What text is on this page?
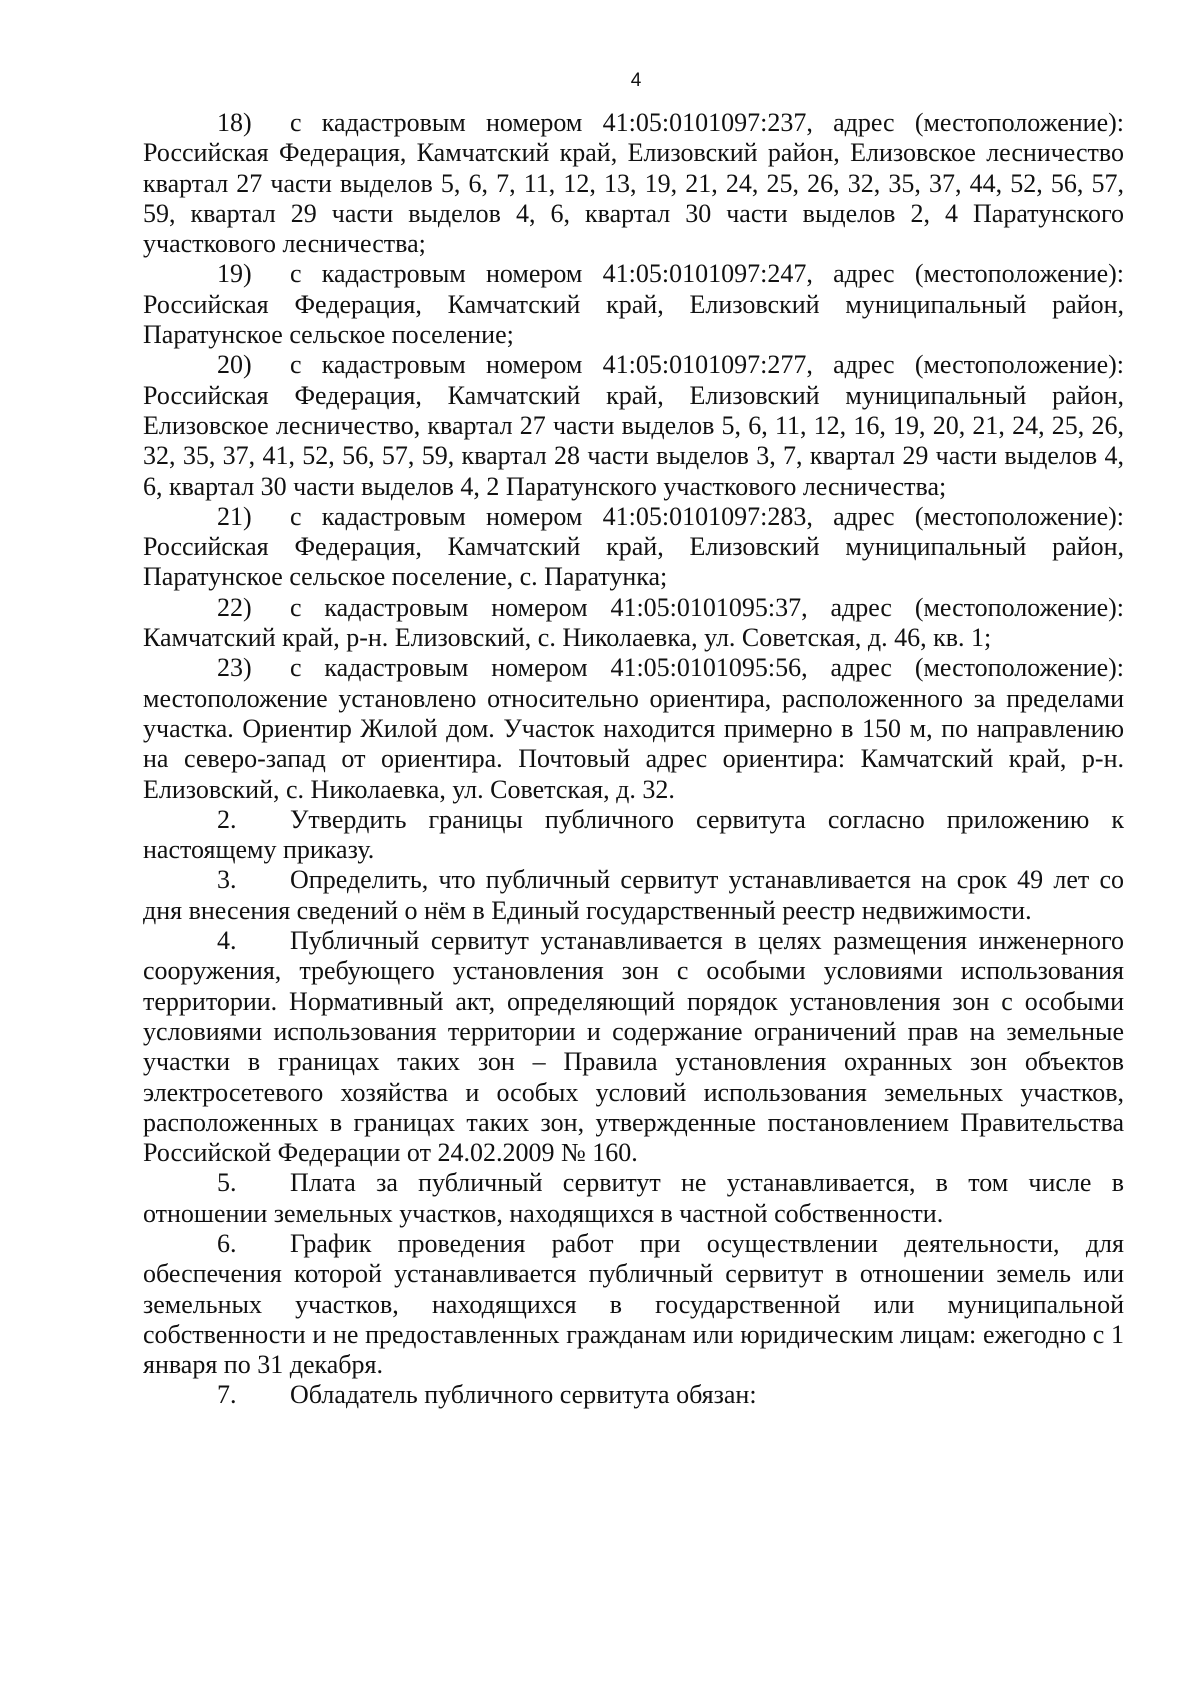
4

18) с кадастровым номером 41:05:0101097:237, адрес (местоположение): Российская Федерация, Камчатский край, Елизовский район, Елизовское лесничество квартал 27 части выделов 5, 6, 7, 11, 12, 13, 19, 21, 24, 25, 26, 32, 35, 37, 44, 52, 56, 57, 59, квартал 29 части выделов 4, 6, квартал 30 части выделов 2, 4 Паратунского участкового лесничества;

19) с кадастровым номером 41:05:0101097:247, адрес (местоположение): Российская Федерация, Камчатский край, Елизовский муниципальный район, Паратунское сельское поселение;

20) с кадастровым номером 41:05:0101097:277, адрес (местоположение): Российская Федерация, Камчатский край, Елизовский муниципальный район, Елизовское лесничество, квартал 27 части выделов 5, 6, 11, 12, 16, 19, 20, 21, 24, 25, 26, 32, 35, 37, 41, 52, 56, 57, 59, квартал 28 части выделов 3, 7, квартал 29 части выделов 4, 6, квартал 30 части выделов 4, 2 Паратунского участкового лесничества;

21) с кадастровым номером 41:05:0101097:283, адрес (местоположение): Российская Федерация, Камчатский край, Елизовский муниципальный район, Паратунское сельское поселение, с. Паратунка;

22) с кадастровым номером 41:05:0101095:37, адрес (местоположение): Камчатский край, р-н. Елизовский, с. Николаевка, ул. Советская, д. 46, кв. 1;

23) с кадастровым номером 41:05:0101095:56, адрес (местоположение): местоположение установлено относительно ориентира, расположенного за пределами участка. Ориентир Жилой дом. Участок находится примерно в 150 м, по направлению на северо-запад от ориентира. Почтовый адрес ориентира: Камчатский край, р-н. Елизовский, с. Николаевка, ул. Советская, д. 32.

2. Утвердить границы публичного сервитута согласно приложению к настоящему приказу.

3. Определить, что публичный сервитут устанавливается на срок 49 лет со дня внесения сведений о нём в Единый государственный реестр недвижимости.

4. Публичный сервитут устанавливается в целях размещения инженерного сооружения, требующего установления зон с особыми условиями использования территории. Нормативный акт, определяющий порядок установления зон с особыми условиями использования территории и содержание ограничений прав на земельные участки в границах таких зон – Правила установления охранных зон объектов электросетевого хозяйства и особых условий использования земельных участков, расположенных в границах таких зон, утвержденные постановлением Правительства Российской Федерации от 24.02.2009 № 160.

5. Плата за публичный сервитут не устанавливается, в том числе в отношении земельных участков, находящихся в частной собственности.

6. График проведения работ при осуществлении деятельности, для обеспечения которой устанавливается публичный сервитут в отношении земель или земельных участков, находящихся в государственной или муниципальной собственности и не предоставленных гражданам или юридическим лицам: ежегодно с 1 января по 31 декабря.

7. Обладатель публичного сервитута обязан:
